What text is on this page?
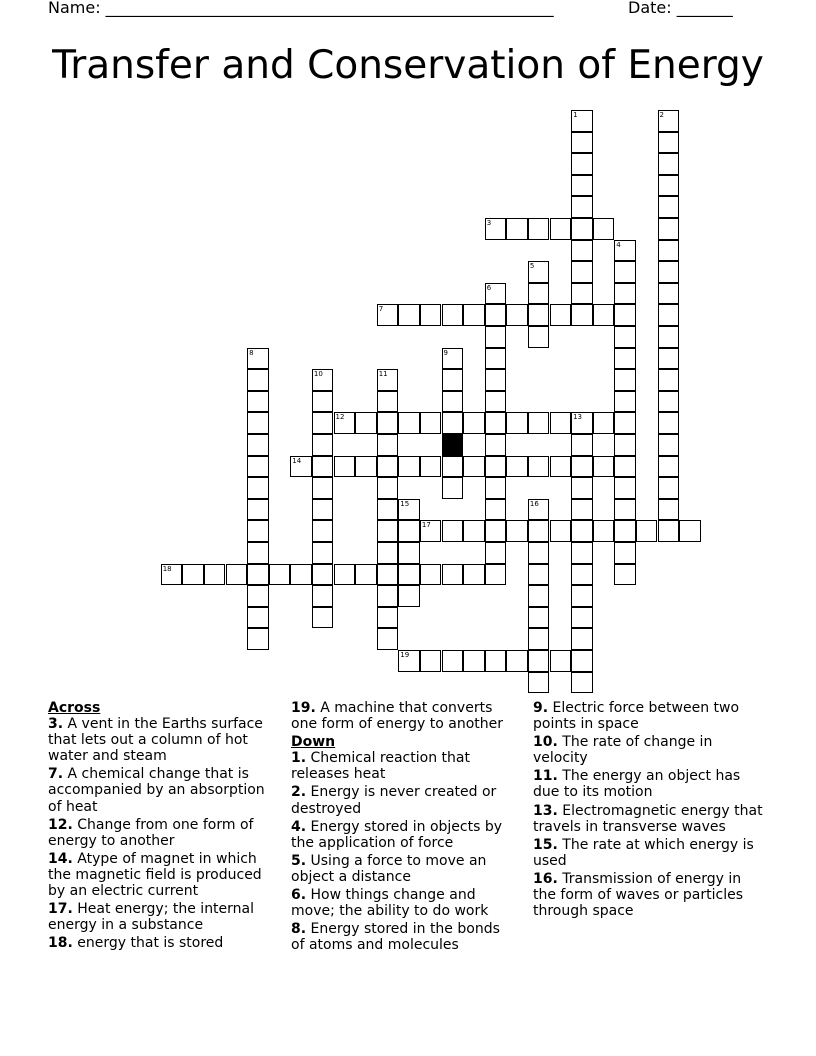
Name: ________________________________________________________	Date: _______
Transfer and Conservation of Energy
1	2
3
4
5
6
7
8	9
10	11
12	13
14
15	16
17
18
19
Across
3. A vent in the Earths surface that lets out a column of hot water and steam
7. A chemical change that is accompanied by an absorption of heat
12. Change from one form of energy to another
14. Atype of magnet in which the magnetic field is produced by an electric current
17. Heat energy; the internal energy in a substance
18. energy that is stored
19. A machine that converts one form of energy to another
Down
1. Chemical reaction that releases heat
2. Energy is never created or destroyed
4. Energy stored in objects by the application of force
5. Using a force to move an object a distance
6. How things change and move; the ability to do work
8. Energy stored in the bonds of atoms and molecules
9. Electric force between two points in space
10. The rate of change in velocity
11. The energy an object has due to its motion
13. Electromagnetic energy that travels in transverse waves
15. The rate at which energy is used
16. Transmission of energy in the form of waves or particles through space
